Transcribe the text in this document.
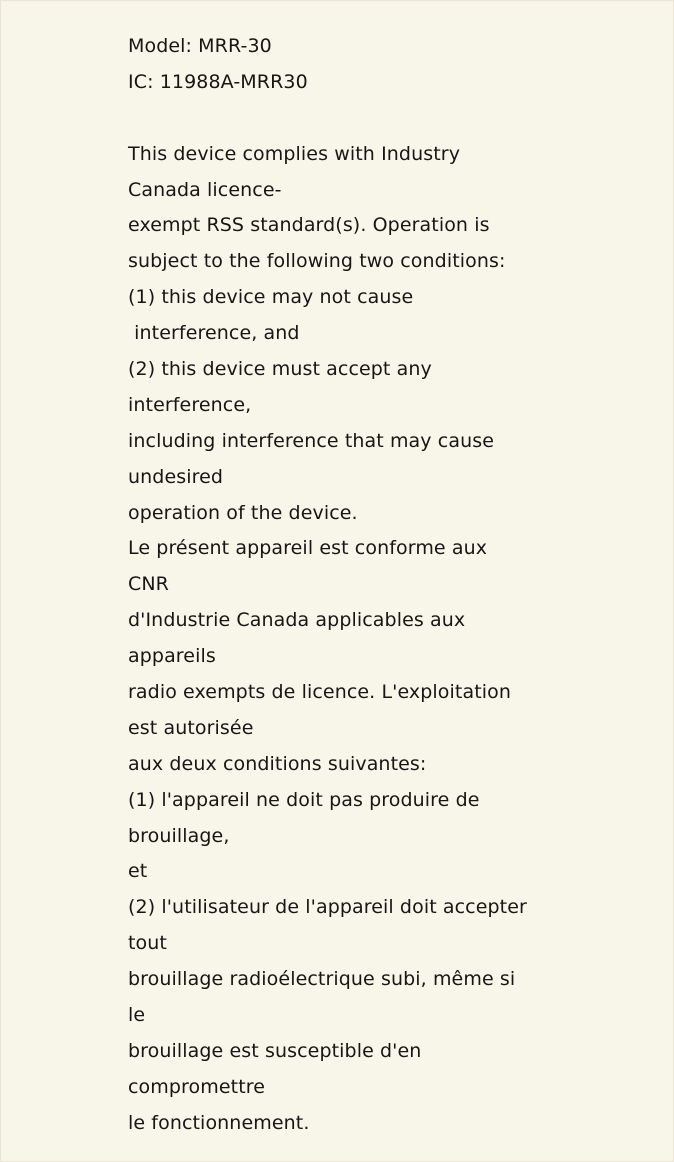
Model: MRR-30
IC: 11988A-MRR30
This device complies with Industry
Canada licence-
exempt RSS standard(s). Operation is
subject to the following two conditions:
(1) this device may not cause
interference, and
(2) this device must accept any
interference,
including interference that may cause
undesired
operation of the device.
Le présent appareil est conforme aux
CNR
d'Industrie Canada applicables aux
appareils
radio exempts de licence. L'exploitation
est autorisée
aux deux conditions suivantes:
(1) l'appareil ne doit pas produire de
brouillage,
et
(2) l'utilisateur de l'appareil doit accepter
tout
brouillage radioélectrique subi, même si
le
brouillage est susceptible d'en
compromettre
le fonctionnement.
